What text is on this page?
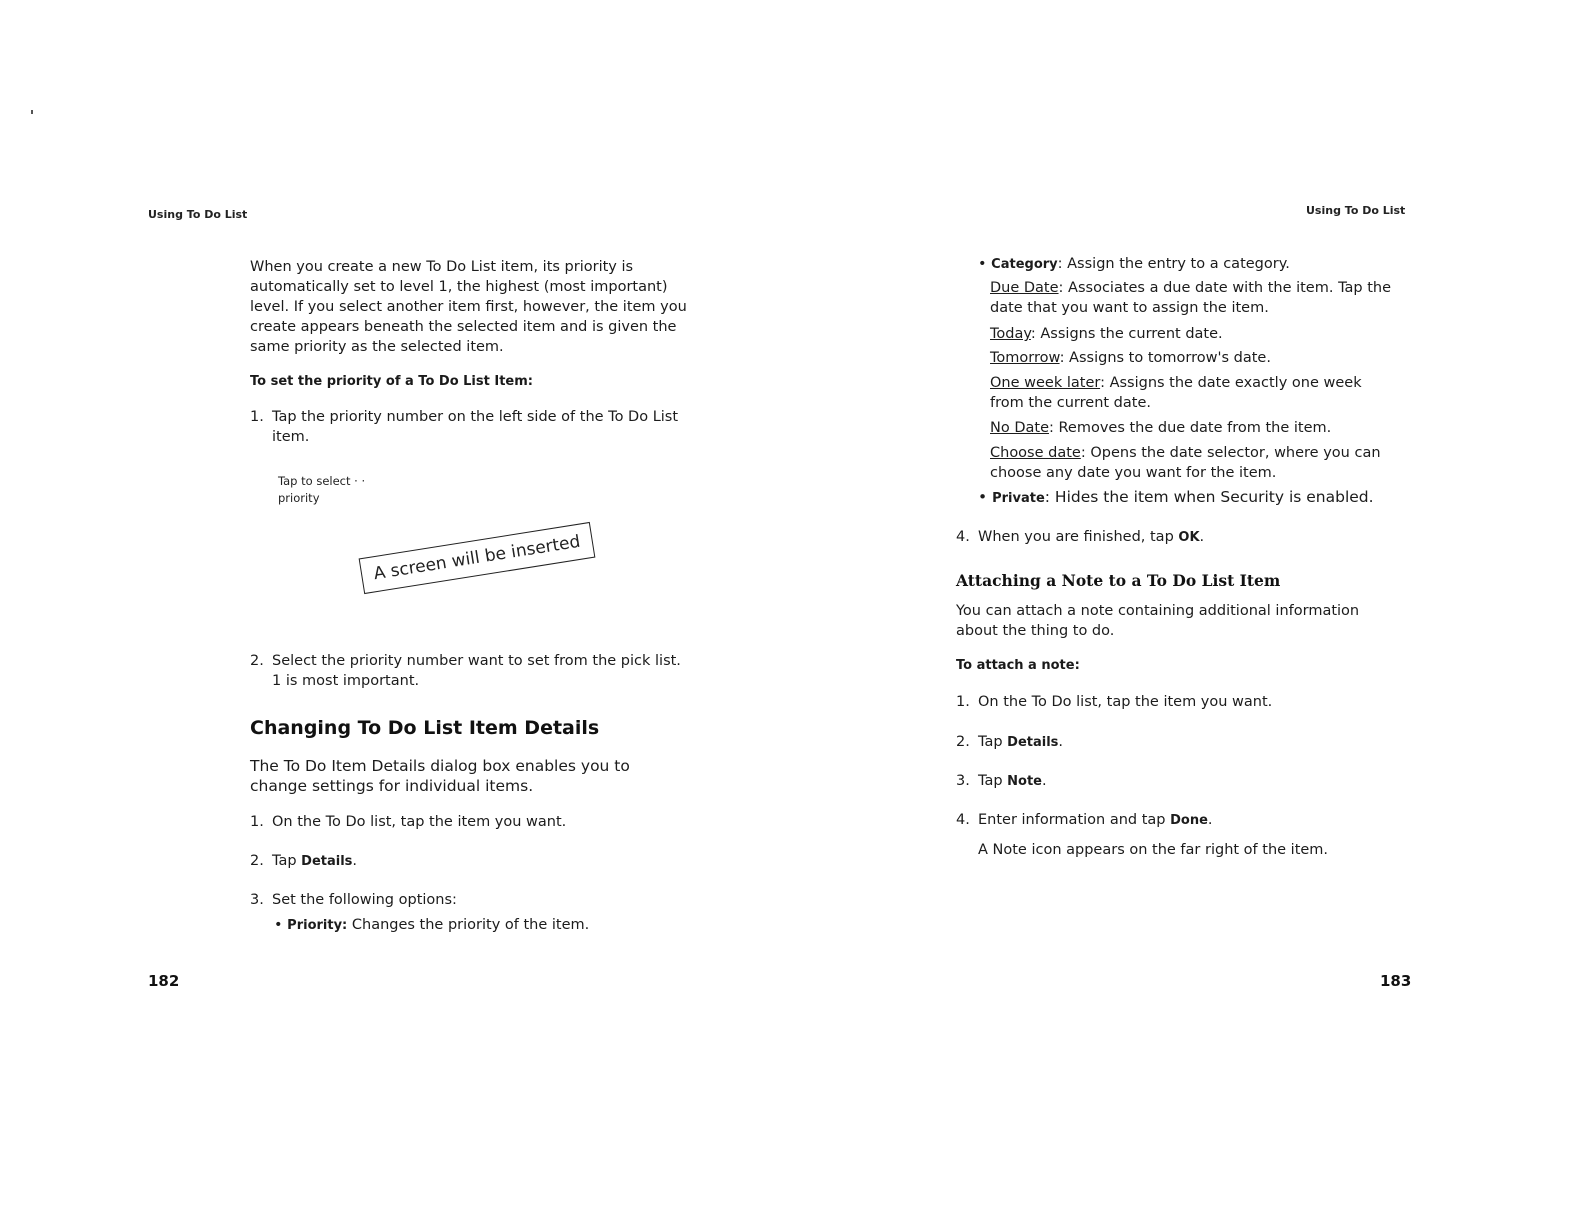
Using To Do List
When you create a new To Do List item, its priority is
automatically set to level 1, the highest (most important)
level. If you select another item first, however, the item you
create appears beneath the selected item and is given the
same priority as the selected item.
To set the priority of a To Do List Item:
1. Tap the priority number on the left side of the To Do List
item.
Tap to select · ·
priority
A screen will be inserted
2. Select the priority number want to set from the pick list.
1 is most important.
Changing To Do List Item Details
The To Do Item Details dialog box enables you to
change settings for individual items.
1. On the To Do list, tap the item you want.
2. Tap Details.
3. Set the following options:
• Priority: Changes the priority of the item.
182
Using To Do List
• Category: Assign the entry to a category.
Due Date: Associates a due date with the item. Tap the
date that you want to assign the item.
Today: Assigns the current date.
Tomorrow: Assigns to tomorrow's date.
One week later: Assigns the date exactly one week
from the current date.
No Date: Removes the due date from the item.
Choose date: Opens the date selector, where you can
choose any date you want for the item.
• Private: Hides the item when Security is enabled.
4. When you are finished, tap OK.
Attaching a Note to a To Do List Item
You can attach a note containing additional information
about the thing to do.
To attach a note:
1. On the To Do list, tap the item you want.
2. Tap Details.
3. Tap Note.
4. Enter information and tap Done.
A Note icon appears on the far right of the item.
183
